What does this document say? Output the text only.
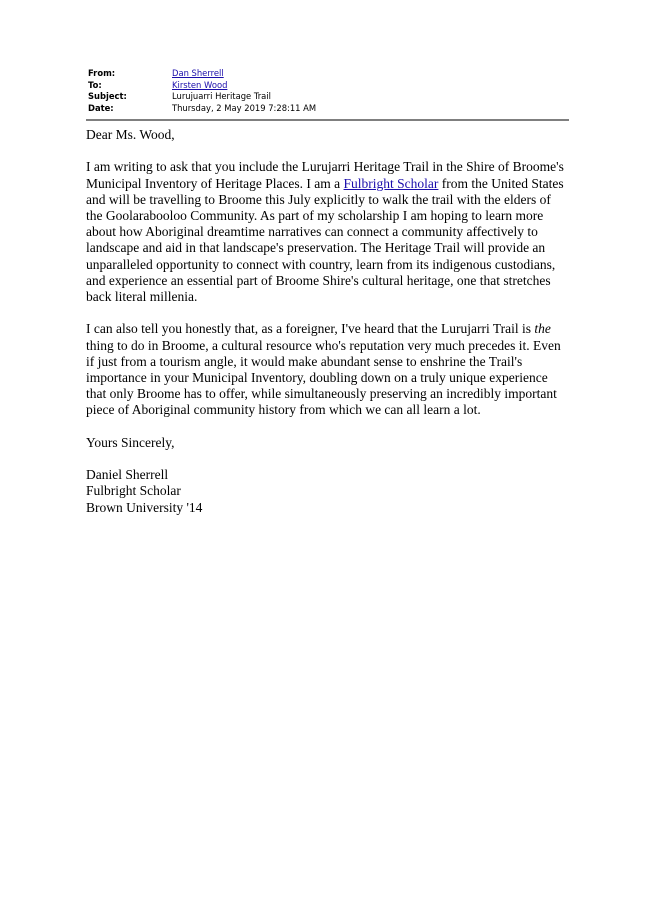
From:	Dan Sherrell
To:	Kirsten Wood
Subject:	Lurujuarri Heritage Trail
Date:	Thursday, 2 May 2019 7:28:11 AM

Dear Ms. Wood,

I am writing to ask that you include the Lurujarri Heritage Trail in the Shire of Broome's Municipal Inventory of Heritage Places. I am a Fulbright Scholar from the United States and will be travelling to Broome this July explicitly to walk the trail with the elders of the Goolarabooloo Community. As part of my scholarship I am hoping to learn more about how Aboriginal dreamtime narratives can connect a community affectively to landscape and aid in that landscape's preservation. The Heritage Trail will provide an unparalleled opportunity to connect with country, learn from its indigenous custodians, and experience an essential part of Broome Shire's cultural heritage, one that stretches back literal millenia.

I can also tell you honestly that, as a foreigner, I've heard that the Lurujarri Trail is the thing to do in Broome, a cultural resource who's reputation very much precedes it. Even if just from a tourism angle, it would make abundant sense to enshrine the Trail's importance in your Municipal Inventory, doubling down on a truly unique experience that only Broome has to offer, while simultaneously preserving an incredibly important piece of Aboriginal community history from which we can all learn a lot.

Yours Sincerely,

Daniel Sherrell
Fulbright Scholar
Brown University '14
